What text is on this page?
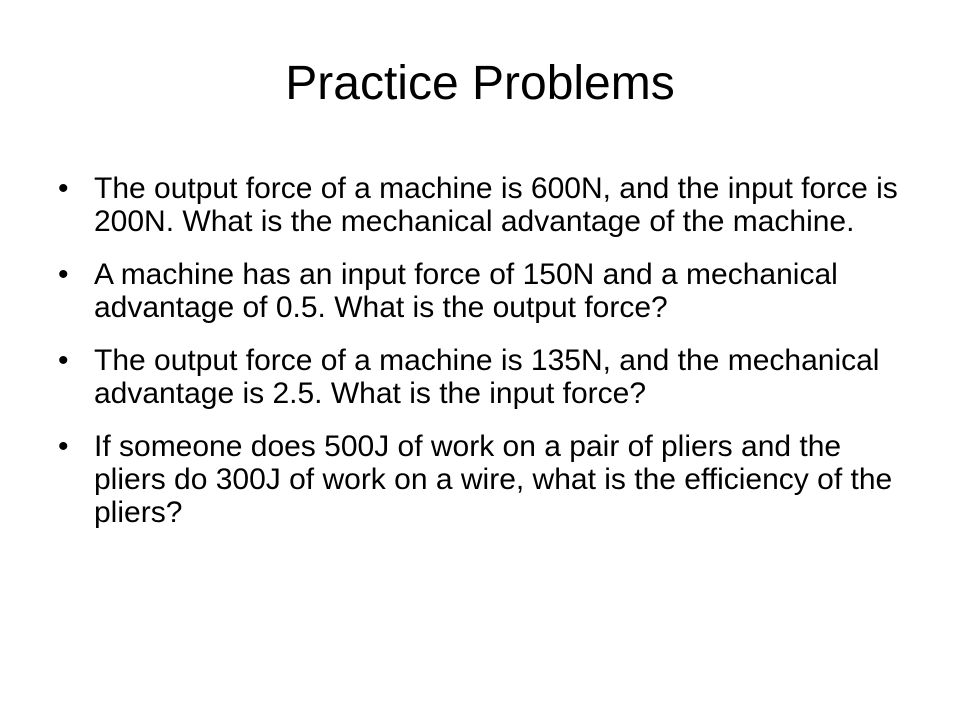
Practice Problems
• The output force of a machine is 600N, and the input force is 200N. What is the mechanical advantage of the machine.
• A machine has an input force of 150N and a mechanical advantage of 0.5. What is the output force?
• The output force of a machine is 135N, and the mechanical advantage is 2.5. What is the input force?
• If someone does 500J of work on a pair of pliers and the pliers do 300J of work on a wire, what is the efficiency of the pliers?
